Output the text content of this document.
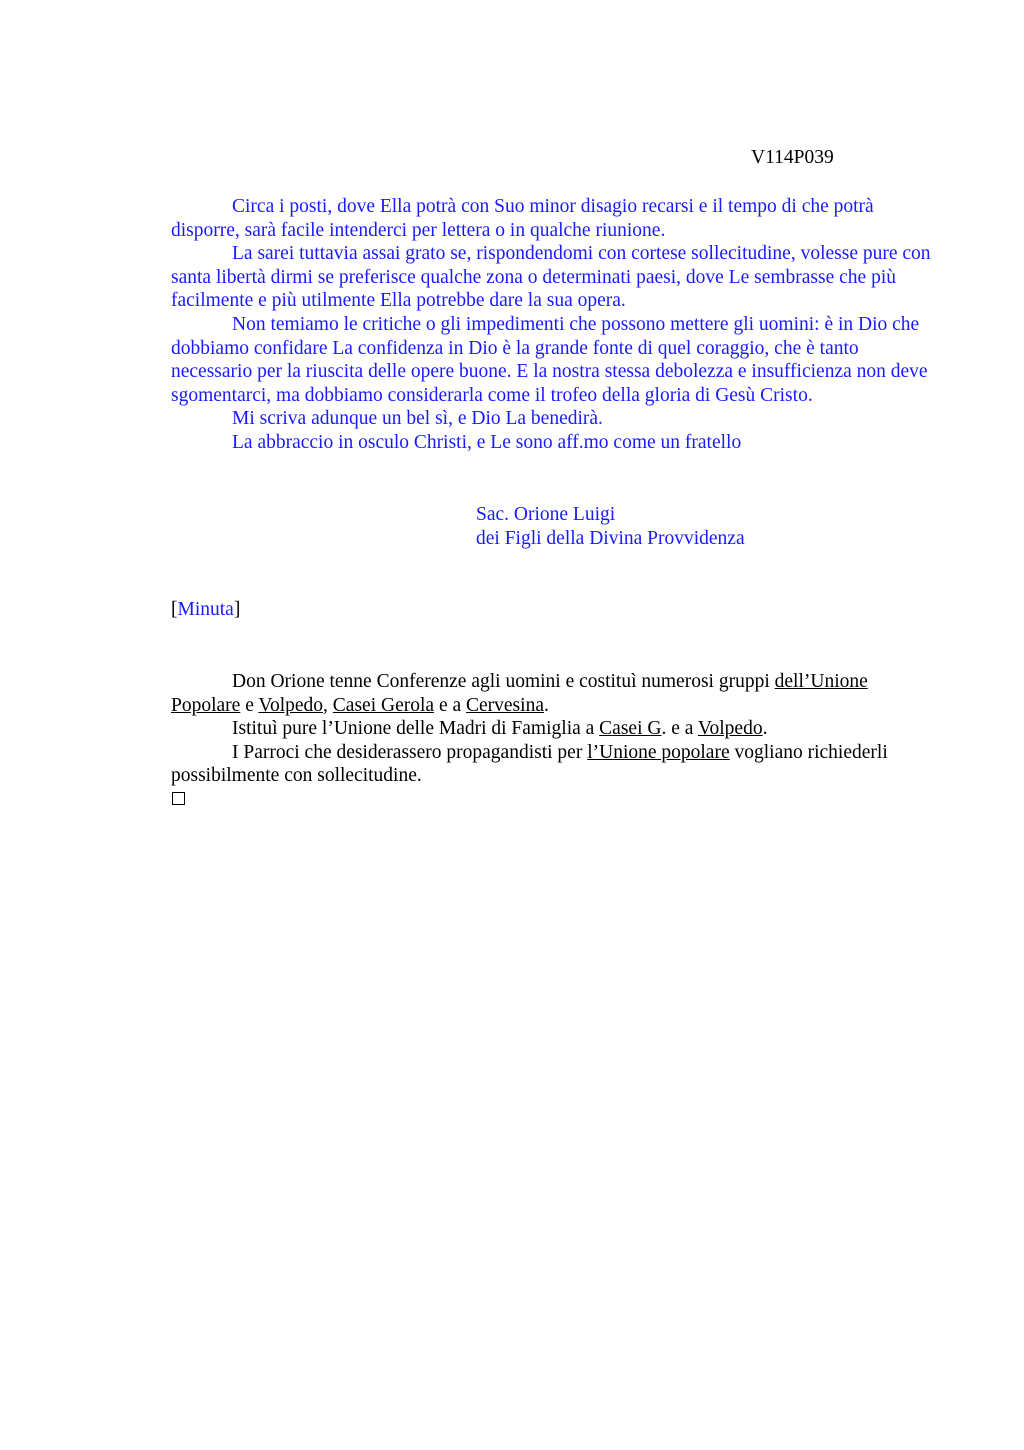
V114P039

Circa i posti, dove Ella potrà con Suo minor disagio recarsi e il tempo di che potrà disporre, sarà facile intenderci per lettera o in qualche riunione.

La sarei tuttavia assai grato se, rispondendomi con cortese sollecitudine, volesse pure con santa libertà dirmi se preferisce qualche zona o determinati paesi, dove Le sembrasse che più facilmente e più utilmente Ella potrebbe dare la sua opera.

Non temiamo le critiche o gli impedimenti che possono mettere gli uomini: è in Dio che dobbiamo confidare La confidenza in Dio è la grande fonte di quel coraggio, che è tanto necessario per la riuscita delle opere buone. E la nostra stessa debolezza e insufficienza non deve sgomentarci, ma dobbiamo considerarla come il trofeo della gloria di Gesù Cristo.

Mi scriva adunque un bel sì, e Dio La benedirà.

La abbraccio in osculo Christi, e Le sono aff.mo come un fratello

Sac. Orione Luigi
dei Figli della Divina Provvidenza
[Minuta]

Don Orione tenne Conferenze agli uomini e costituì numerosi gruppi dell’Unione Popolare e Volpedo, Casei Gerola e a Cervesina.

Istituì pure l’Unione delle Madri di Famiglia a Casei G. e a Volpedo.

I Parroci che desiderassero propagandisti per l’Unione popolare vogliano richiederli possibilmente con sollecitudine.
